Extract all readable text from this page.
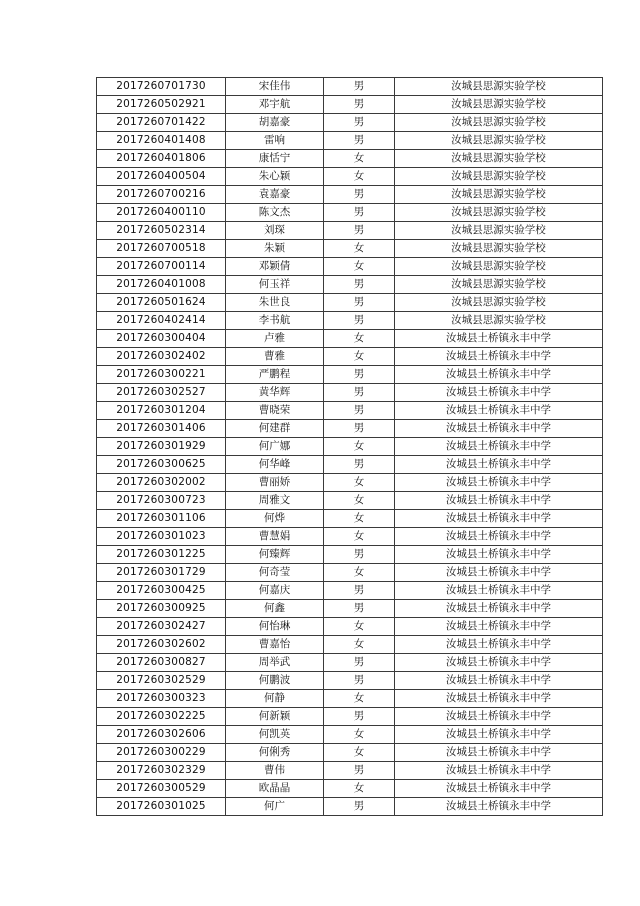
2017260701730	宋佳伟	男	汝城县思源实验学校
2017260502921	邓宇航	男	汝城县思源实验学校
2017260701422	胡嘉豪	男	汝城县思源实验学校
2017260401408	雷响	男	汝城县思源实验学校
2017260401806	康恬宁	女	汝城县思源实验学校
2017260400504	朱心颖	女	汝城县思源实验学校
2017260700216	袁嘉豪	男	汝城县思源实验学校
2017260400110	陈文杰	男	汝城县思源实验学校
2017260502314	刘琛	男	汝城县思源实验学校
2017260700518	朱颖	女	汝城县思源实验学校
2017260700114	邓颖倩	女	汝城县思源实验学校
2017260401008	何玉祥	男	汝城县思源实验学校
2017260501624	朱世良	男	汝城县思源实验学校
2017260402414	李书航	男	汝城县思源实验学校
2017260300404	卢雅	女	汝城县土桥镇永丰中学
2017260302402	曹雅	女	汝城县土桥镇永丰中学
2017260300221	严鹏程	男	汝城县土桥镇永丰中学
2017260302527	黄华辉	男	汝城县土桥镇永丰中学
2017260301204	曹晓荣	男	汝城县土桥镇永丰中学
2017260301406	何建群	男	汝城县土桥镇永丰中学
2017260301929	何广娜	女	汝城县土桥镇永丰中学
2017260300625	何华峰	男	汝城县土桥镇永丰中学
2017260302002	曹丽娇	女	汝城县土桥镇永丰中学
2017260300723	周雅文	女	汝城县土桥镇永丰中学
2017260301106	何烨	女	汝城县土桥镇永丰中学
2017260301023	曹慧娟	女	汝城县土桥镇永丰中学
2017260301225	何臻辉	男	汝城县土桥镇永丰中学
2017260301729	何奇莹	女	汝城县土桥镇永丰中学
2017260300425	何嘉庆	男	汝城县土桥镇永丰中学
2017260300925	何鑫	男	汝城县土桥镇永丰中学
2017260302427	何怡琳	女	汝城县土桥镇永丰中学
2017260302602	曹嘉怡	女	汝城县土桥镇永丰中学
2017260300827	周举武	男	汝城县土桥镇永丰中学
2017260302529	何鹏波	男	汝城县土桥镇永丰中学
2017260300323	何静	女	汝城县土桥镇永丰中学
2017260302225	何新颖	男	汝城县土桥镇永丰中学
2017260302606	何凯英	女	汝城县土桥镇永丰中学
2017260300229	何俐秀	女	汝城县土桥镇永丰中学
2017260302329	曹伟	男	汝城县土桥镇永丰中学
2017260300529	欧晶晶	女	汝城县土桥镇永丰中学
2017260301025	何广	男	汝城县土桥镇永丰中学
